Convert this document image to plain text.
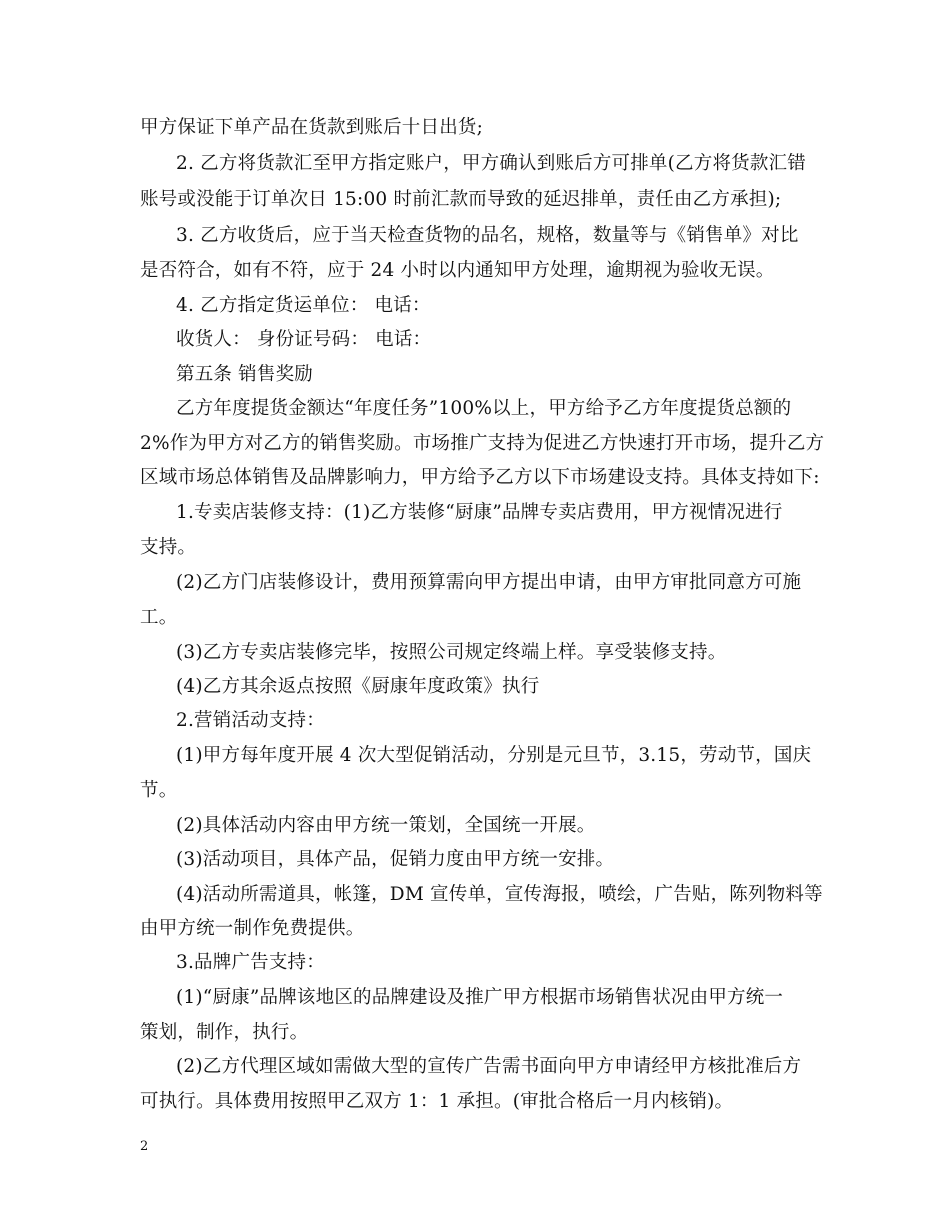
甲方保证下单产品在货款到账后十日出货;
2. 乙方将货款汇至甲方指定账户，甲方确认到账后方可排单(乙方将货款汇错
账号或没能于订单次日 15:00 时前汇款而导致的延迟排单，责任由乙方承担);
3. 乙方收货后，应于当天检查货物的品名，规格，数量等与《销售单》对比
是否符合，如有不符，应于 24 小时以内通知甲方处理，逾期视为验收无误。
4. 乙方指定货运单位： 电话：
收货人： 身份证号码： 电话：
第五条 销售奖励
乙方年度提货金额达“年度任务”100%以上，甲方给予乙方年度提货总额的
2%作为甲方对乙方的销售奖励。市场推广支持为促进乙方快速打开市场，提升乙方
区域市场总体销售及品牌影响力，甲方给予乙方以下市场建设支持。具体支持如下:
1.专卖店装修支持：(1)乙方装修“厨康”品牌专卖店费用，甲方视情况进行
支持。
(2)乙方门店装修设计，费用预算需向甲方提出申请，由甲方审批同意方可施
工。
(3)乙方专卖店装修完毕，按照公司规定终端上样。享受装修支持。
(4)乙方其余返点按照《厨康年度政策》执行
2.营销活动支持：
(1)甲方每年度开展 4 次大型促销活动，分别是元旦节，3.15，劳动节，国庆
节。
(2)具体活动内容由甲方统一策划，全国统一开展。
(3)活动项目，具体产品，促销力度由甲方统一安排。
(4)活动所需道具，帐篷，DM 宣传单，宣传海报，喷绘，广告贴，陈列物料等
由甲方统一制作免费提供。
3.品牌广告支持：
(1)“厨康”品牌该地区的品牌建设及推广甲方根据市场销售状况由甲方统一
策划，制作，执行。
(2)乙方代理区域如需做大型的宣传广告需书面向甲方申请经甲方核批准后方
可执行。具体费用按照甲乙双方 1：1 承担。(审批合格后一月内核销)。
2
